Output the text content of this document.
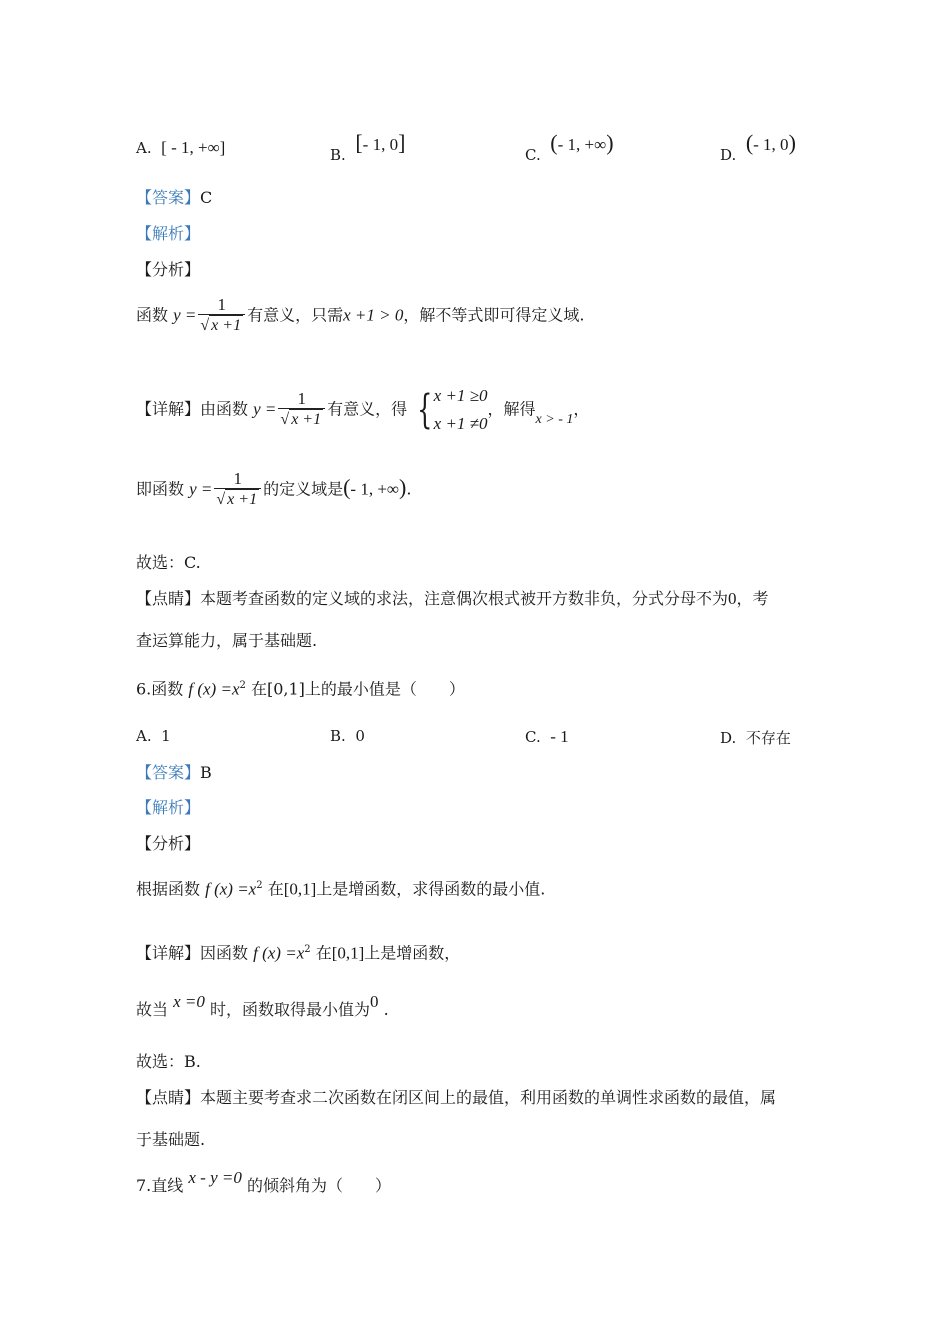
A. [ - 1, +∞]	B. [- 1, 0]	C. (- 1, +∞)	D. (- 1, 0)
【答案】C
【解析】
【分析】
函数 $y = \frac{1}{√ x +1}$ 有意义，只需x +1 > 0，解不等式即可得定义域.
【详解】由函数 $y = \frac{1}{√ x +1}$ 有意义，得 { x +1 ≥0
x +1 ≠0
，解得x > - 1，
即函数 $y = \frac{1}{√ x +1}$ 的定义域是(- 1, +∞).
故选：C.
【点睛】本题考查函数的定义域的求法，注意偶次根式被开方数非负，分式分母不为0，考
查运算能力，属于基础题.
6.函数 f $(x) =x^2$ 在[0,1]上的最小值是（　　）
A. 1	B. 0	C. - 1	D. 不存在
【答案】B
【解析】
【分析】
根据函数 f $(x) =x^2$ 在[0,1]上是增函数，求得函数的最小值.
【详解】因函数 f $(x) =x^2$ 在[0,1]上是增函数，
故当 x =0 时，函数取得最小值为0 .
故选：B.
【点睛】本题主要考查求二次函数在闭区间上的最值，利用函数的单调性求函数的最值，属
于基础题.
7.直线 x - y =0 的倾斜角为（　　）
